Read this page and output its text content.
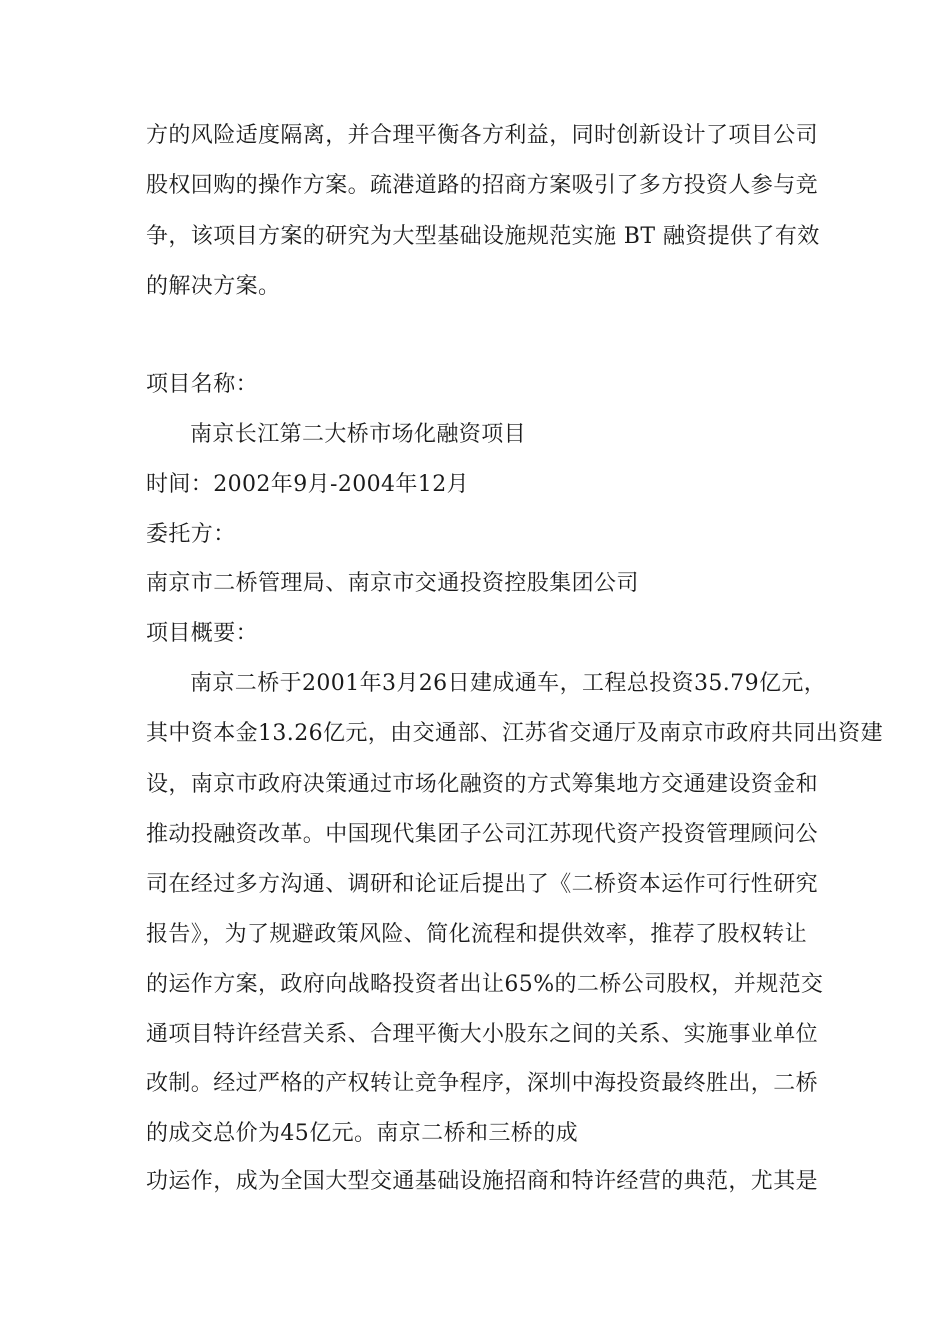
方的风险适度隔离，并合理平衡各方利益，同时创新设计了项目公司
股权回购的操作方案。疏港道路的招商方案吸引了多方投资人参与竞
争，该项目方案的研究为大型基础设施规范实施 BT 融资提供了有效
的解决方案。
项目名称：
南京长江第二大桥市场化融资项目
时间：2002年9月-2004年12月
委托方：
南京市二桥管理局、南京市交通投资控股集团公司
项目概要：
南京二桥于2001年3月26日建成通车，工程总投资35.79亿元，
其中资本金13.26亿元，由交通部、江苏省交通厅及南京市政府共同出资建
设，南京市政府决策通过市场化融资的方式筹集地方交通建设资金和
推动投融资改革。中国现代集团子公司江苏现代资产投资管理顾问公
司在经过多方沟通、调研和论证后提出了《二桥资本运作可行性研究
报告》，为了规避政策风险、简化流程和提供效率，推荐了股权转让
的运作方案，政府向战略投资者出让65%的二桥公司股权，并规范交
通项目特许经营关系、合理平衡大小股东之间的关系、实施事业单位
改制。经过严格的产权转让竞争程序，深圳中海投资最终胜出，二桥
的成交总价为45亿元。南京二桥和三桥的成
功运作，成为全国大型交通基础设施招商和特许经营的典范，尤其是
